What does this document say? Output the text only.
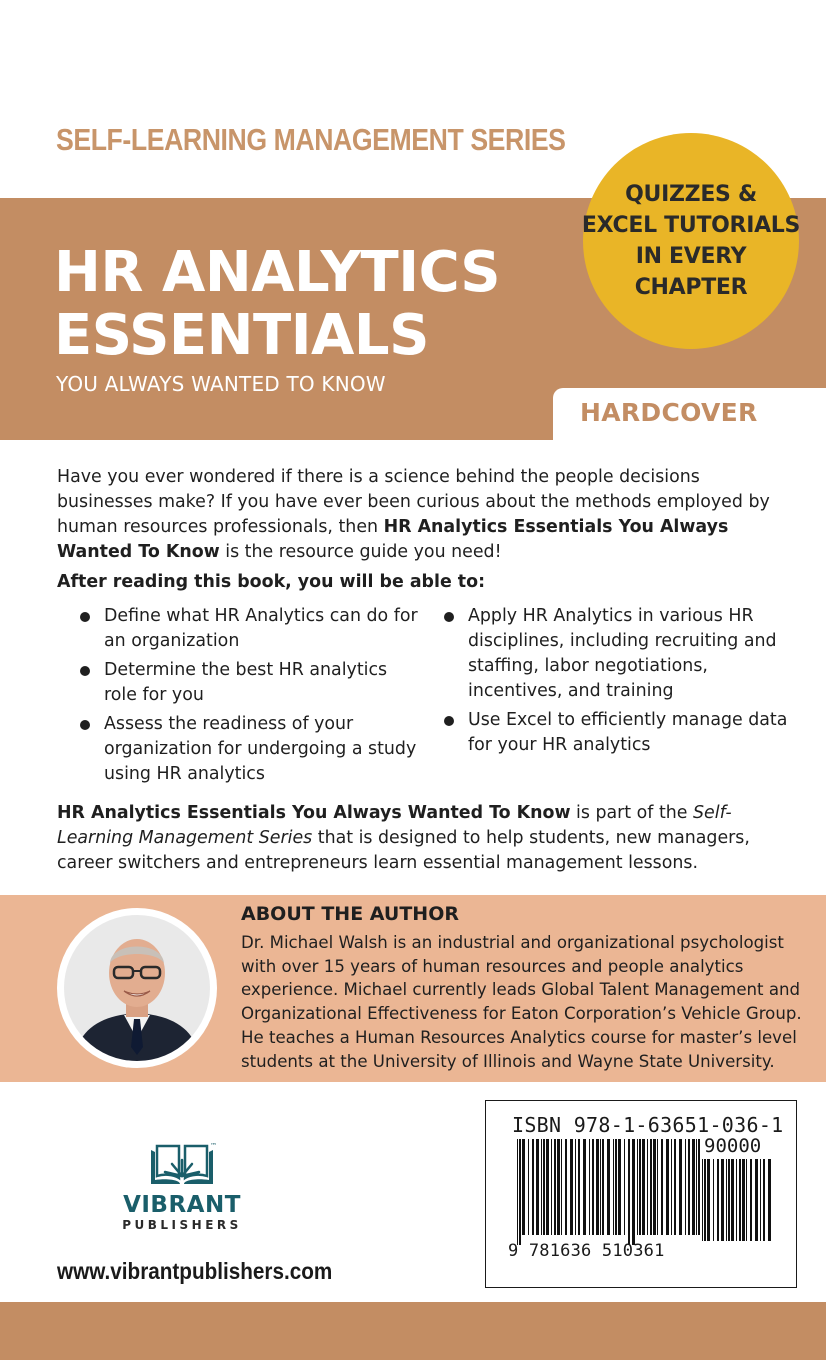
SELF-LEARNING MANAGEMENT SERIES
HR ANALYTICS
ESSENTIALS
YOU ALWAYS WANTED TO KNOW
QUIZZES &
EXCEL TUTORIALS
IN EVERY
CHAPTER
HARDCOVER

Have you ever wondered if there is a science behind the people decisions businesses make? If you have ever been curious about the methods employed by human resources professionals, then HR Analytics Essentials You Always Wanted To Know is the resource guide you need!

After reading this book, you will be able to:
Define what HR Analytics can do for an organization
Determine the best HR analytics role for you
Assess the readiness of your organization for undergoing a study using HR analytics
Apply HR Analytics in various HR disciplines, including recruiting and staffing, labor negotiations, incentives, and training
Use Excel to efficiently manage data for your HR analytics

HR Analytics Essentials You Always Wanted To Know is part of the Self-Learning Management Series that is designed to help students, new managers, career switchers and entrepreneurs learn essential management lessons.

ABOUT THE AUTHOR

Dr. Michael Walsh is an industrial and organizational psychologist with over 15 years of human resources and people analytics experience. Michael currently leads Global Talent Management and Organizational Effectiveness for Eaton Corporation’s Vehicle Group. He teaches a Human Resources Analytics course for master’s level students at the University of Illinois and Wayne State University.

™
VIBRANT
PUBLISHERS
www.vibrantpublishers.com
ISBN 978-1-63651-036-1
90000
9 781636 510361
